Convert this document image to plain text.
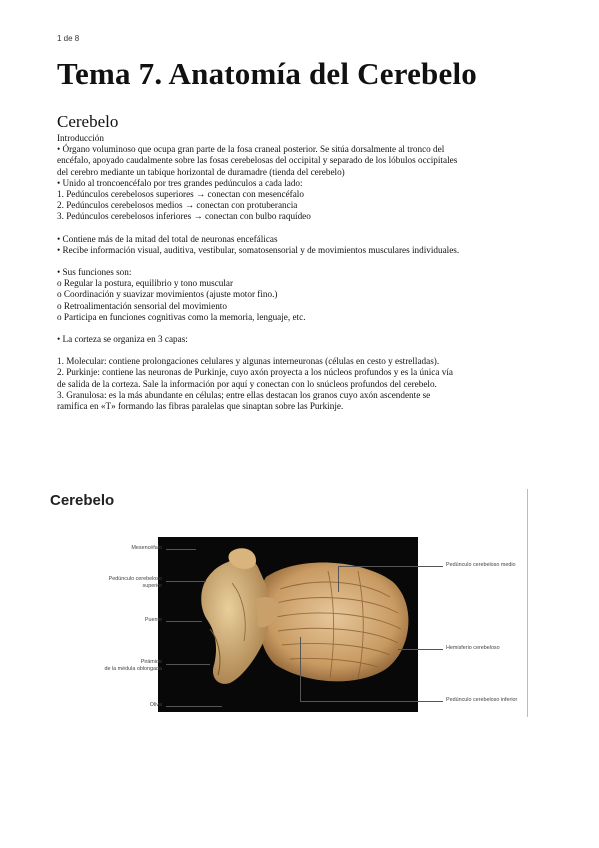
1 de 8
Tema 7. Anatomía del Cerebelo
Cerebelo

Introducción

• Órgano voluminoso que ocupa gran parte de la fosa craneal posterior. Se sitúa dorsalmente al tronco del

encéfalo, apoyado caudalmente sobre las fosas cerebelosas del occipital y separado de los lóbulos occipitales

del cerebro mediante un tabique horizontal de duramadre (tienda del cerebelo)

• Unido al troncoencéfalo por tres grandes pedúnculos a cada lado:

1. Pedúnculos cerebelosos superiores → conectan con mesencéfalo

2. Pedúnculos cerebelosos medios → conectan con protuberancia

3. Pedúnculos cerebelosos inferiores → conectan con bulbo raquídeo

• Contiene más de la mitad del total de neuronas encefálicas

• Recibe información visual, auditiva, vestibular, somatosensorial y de movimientos musculares individuales.

• Sus funciones son:

o Regular la postura, equilibrio y tono muscular

o Coordinación y suavizar movimientos (ajuste motor fino.)

o Retroalimentación sensorial del movimiento

o Participa en funciones cognitivas como la memoria, lenguaje, etc.

• La corteza se organiza en 3 capas:

1. Molecular: contiene prolongaciones celulares y algunas interneuronas (células en cesto y estrelladas).

2. Purkinje: contiene las neuronas de Purkinje, cuyo axón proyecta a los núcleos profundos y es la única vía

de salida de la corteza. Sale la información por aquí y conectan con lo snúcleos profundos del cerebelo.

3. Granulosa: es la más abundante en células; entre ellas destacan los granos cuyo axón ascendente se

ramifica en «T» formando las fibras paralelas que sinaptan sobre las Purkinje.

Cerebelo
Mesencéfalo
Pedúnculo cerebeloso
superior
Puente
Pirámide
de la médula oblongada
Oliva
Pedúnculo cerebeloso medio
Hemisferio cerebeloso
Pedúnculo cerebeloso inferior
